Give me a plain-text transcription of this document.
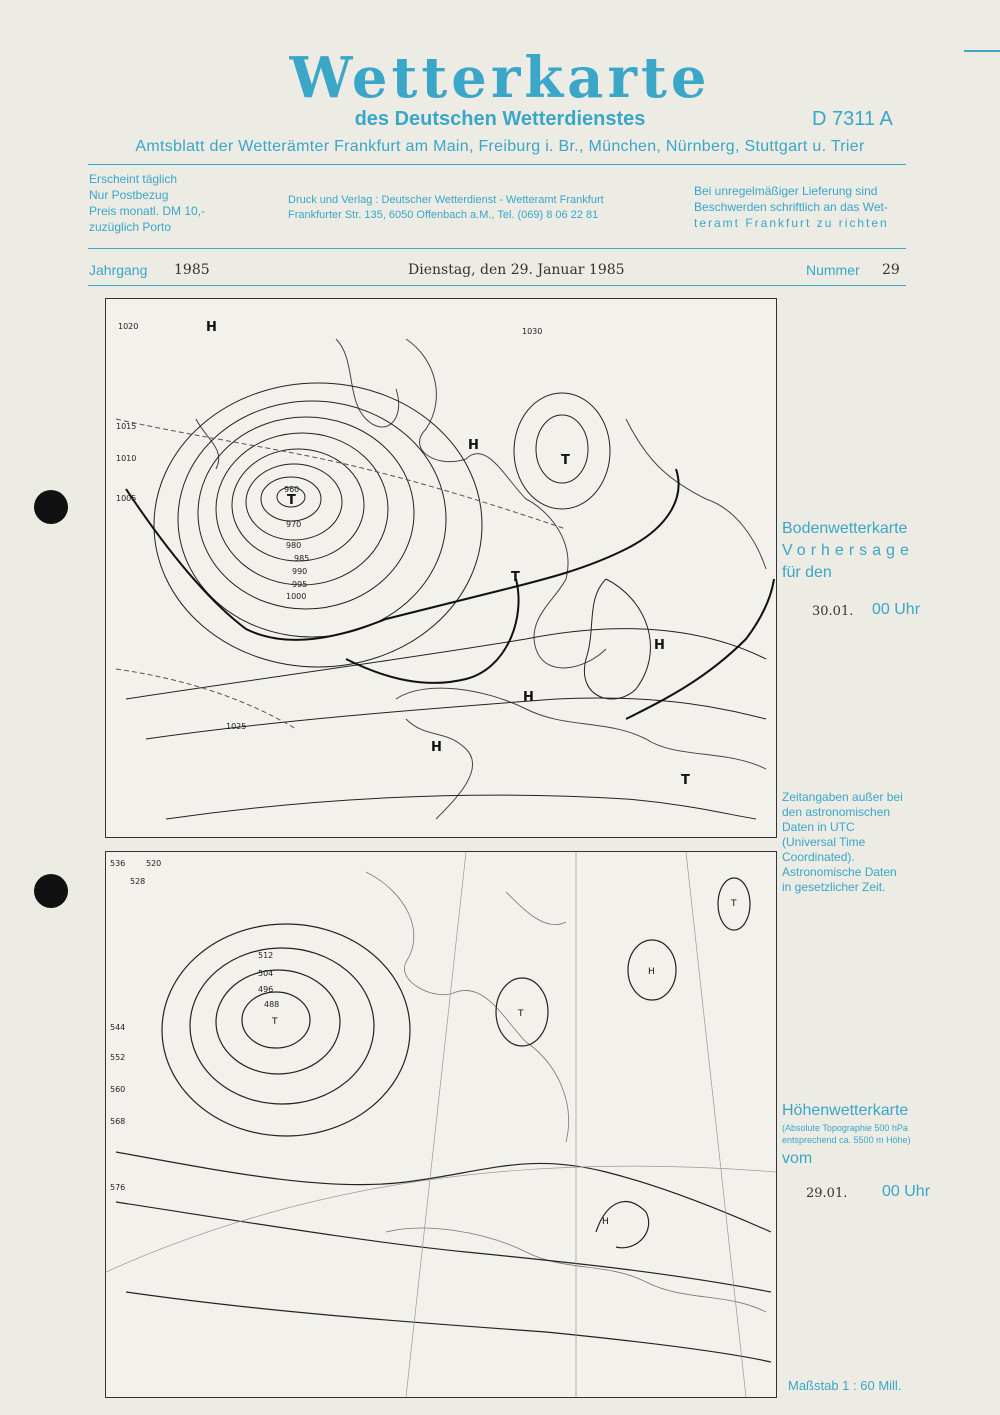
Wetterkarte
des Deutschen Wetterdienstes	D 7311 A
Amtsblatt der Wetterämter Frankfurt am Main, Freiburg i. Br., München, Nürnberg, Stuttgart u. Trier
Erscheint täglich
Nur Postbezug
Preis monatl. DM 10,-
zuzüglich Porto
Druck und Verlag : Deutscher Wetterdienst - Wetteramt Frankfurt
Frankfurter Str. 135, 6050 Offenbach a.M., Tel. (069) 8 06 22 81
Bei unregelmäßiger Lieferung sind
Beschwerden schriftlich an das Wet-
teramt Frankfurt zu richten
Jahrgang 1985	Dienstag, den 29. Januar 1985	Nummer 29
960
970
980
985
990
995
1000
1005
1010
1015
1020
1025
1030
H
H
H
H
H
T
T
T
T
488
496
504
512
520
528
536
544
552
560
568
576
T
T
T
H
H
Bodenwetterkarte
Vorhersage
für den
30.01. 00 Uhr
Zeitangaben außer bei
den astronomischen
Daten in UTC
(Universal Time
Coordinated).
Astronomische Daten
in gesetzlicher Zeit.
Höhenwetterkarte
(Absolute Topographie 500 hPa
entsprechend ca. 5500 m Höhe)
vom
29.01. 00 Uhr
Maßstab 1 : 60 Mill.
